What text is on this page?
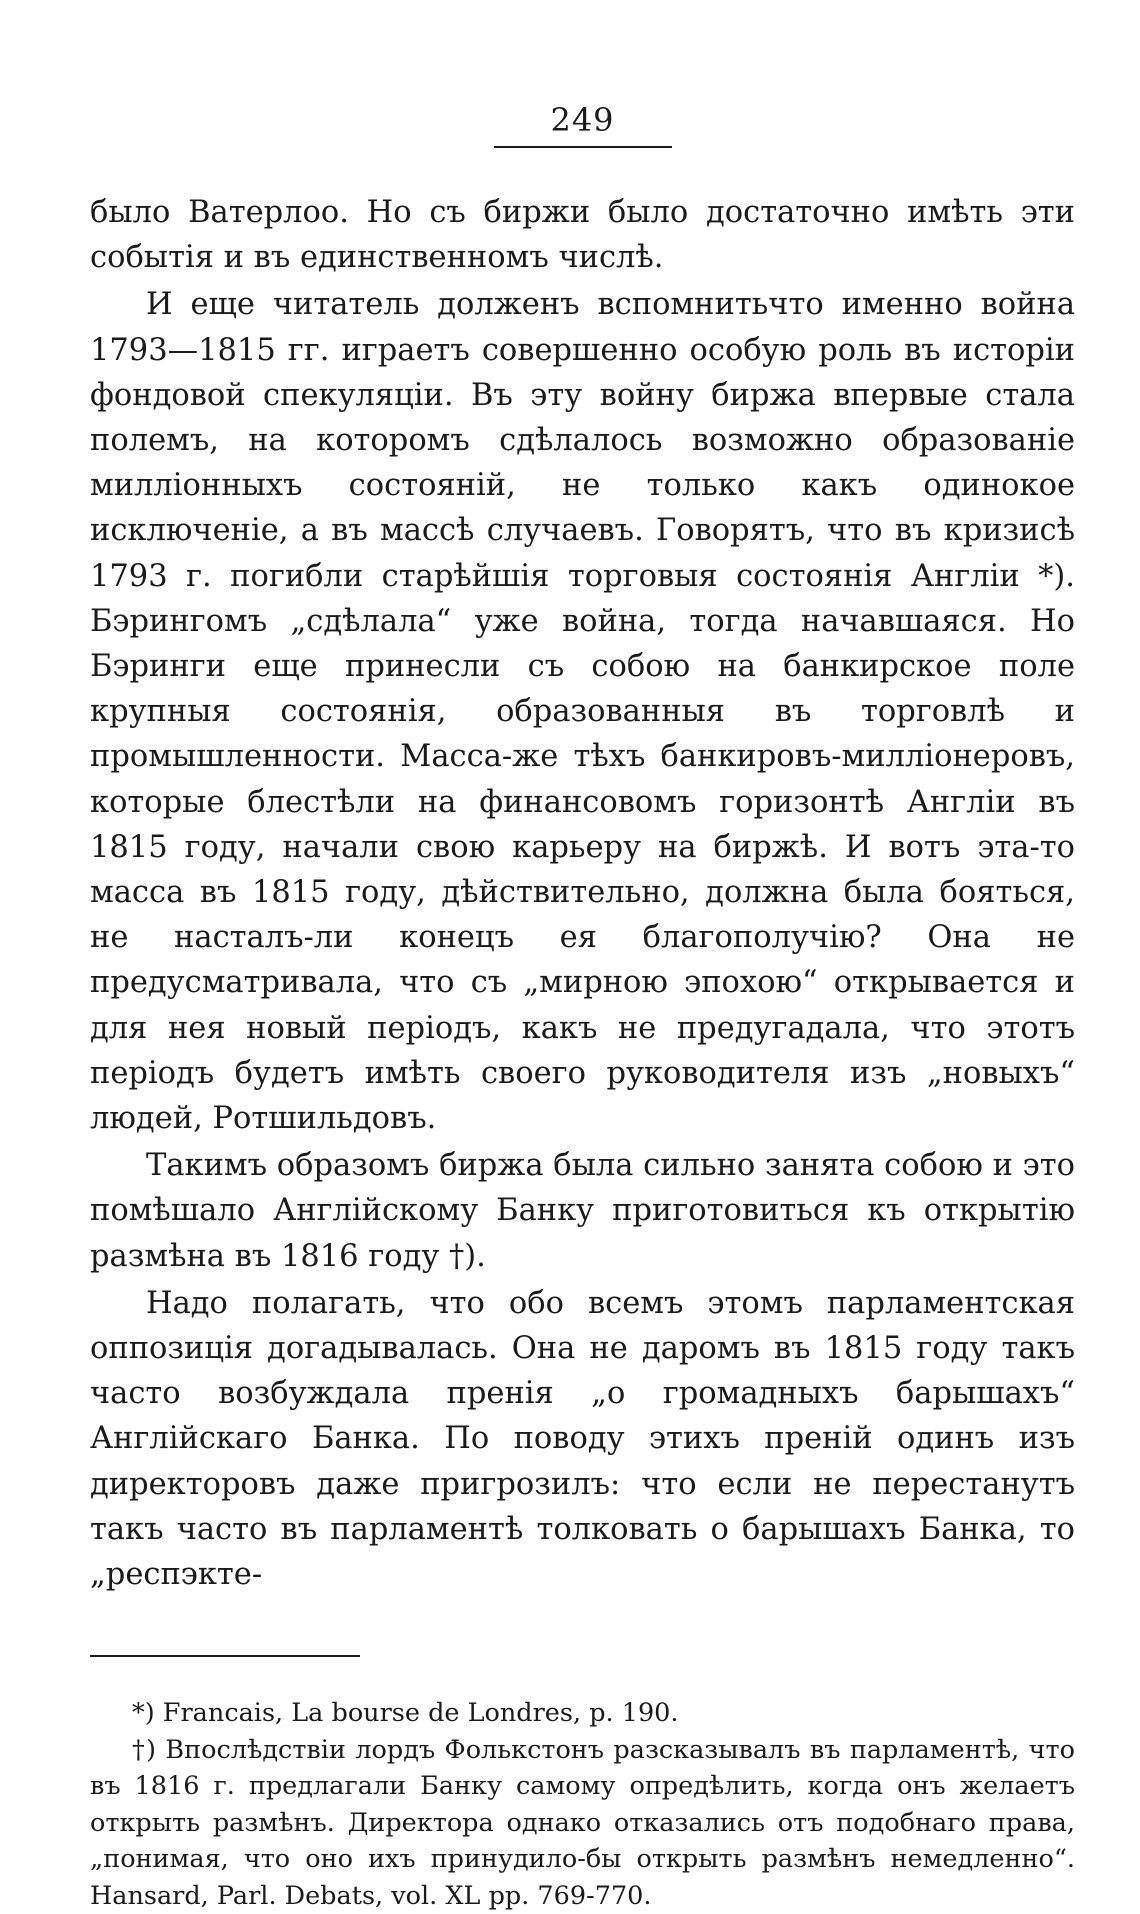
249

было Ватерлоо. Но съ биржи было достаточно имѣть эти событія и въ единственномъ числѣ.

И еще читатель долженъ вспомнитьчто именно война 1793—1815 гг. играетъ совершенно особую роль въ исторіи фондовой спекуляціи. Въ эту войну биржа впервые стала полемъ, на которомъ сдѣлалось возможно образованіе милліонныхъ состояній, не только какъ одинокое исключеніе, а въ массѣ случаевъ. Говорятъ, что въ кризисѣ 1793 г. погибли старѣйшія торговыя состоянія Англіи *). Бэрингомъ „сдѣлала“ уже война, тогда начавшаяся. Но Бэринги еще принесли съ собою на банкирское поле крупныя состоянія, образованныя въ торговлѣ и промышленности. Масса-же тѣхъ банкировъ-милліонеровъ, которые блестѣли на финансовомъ горизонтѣ Англіи въ 1815 году, начали свою карьеру на биржѣ. И вотъ эта-то масса въ 1815 году, дѣйствительно, должна была бояться, не насталъ-ли конецъ ея благополучію? Она не предусматривала, что съ „мирною эпохою“ открывается и для нея новый періодъ, какъ не предугадала, что этотъ періодъ будетъ имѣть своего руководителя изъ „новыхъ“ людей, Ротшильдовъ.

Такимъ образомъ биржа была сильно занята собою и это помѣшало Англійскому Банку приготовиться къ открытію размѣна въ 1816 году †).

Надо полагать, что обо всемъ этомъ парламентская оппозиція догадывалась. Она не даромъ въ 1815 году такъ часто возбуждала пренія „о громадныхъ барышахъ“ Англійскаго Банка. По поводу этихъ преній одинъ изъ директоровъ даже пригрозилъ: что если не перестанутъ такъ часто въ парламентѣ толковать о барышахъ Банка, то „респэкте-

*) Francais, La bourse de Londres, p. 190.

†) Впослѣдствіи лордъ Фолькстонъ разсказывалъ въ парламентѣ, что въ 1816 г. предлагали Банку самому опредѣлить, когда онъ желаетъ открыть размѣнъ. Директора однако отказались отъ подобнаго права, „понимая, что оно ихъ принудило-бы открыть размѣнъ немедленно“. Hansard, Parl. Debats, vol. XL pp. 769-770.
